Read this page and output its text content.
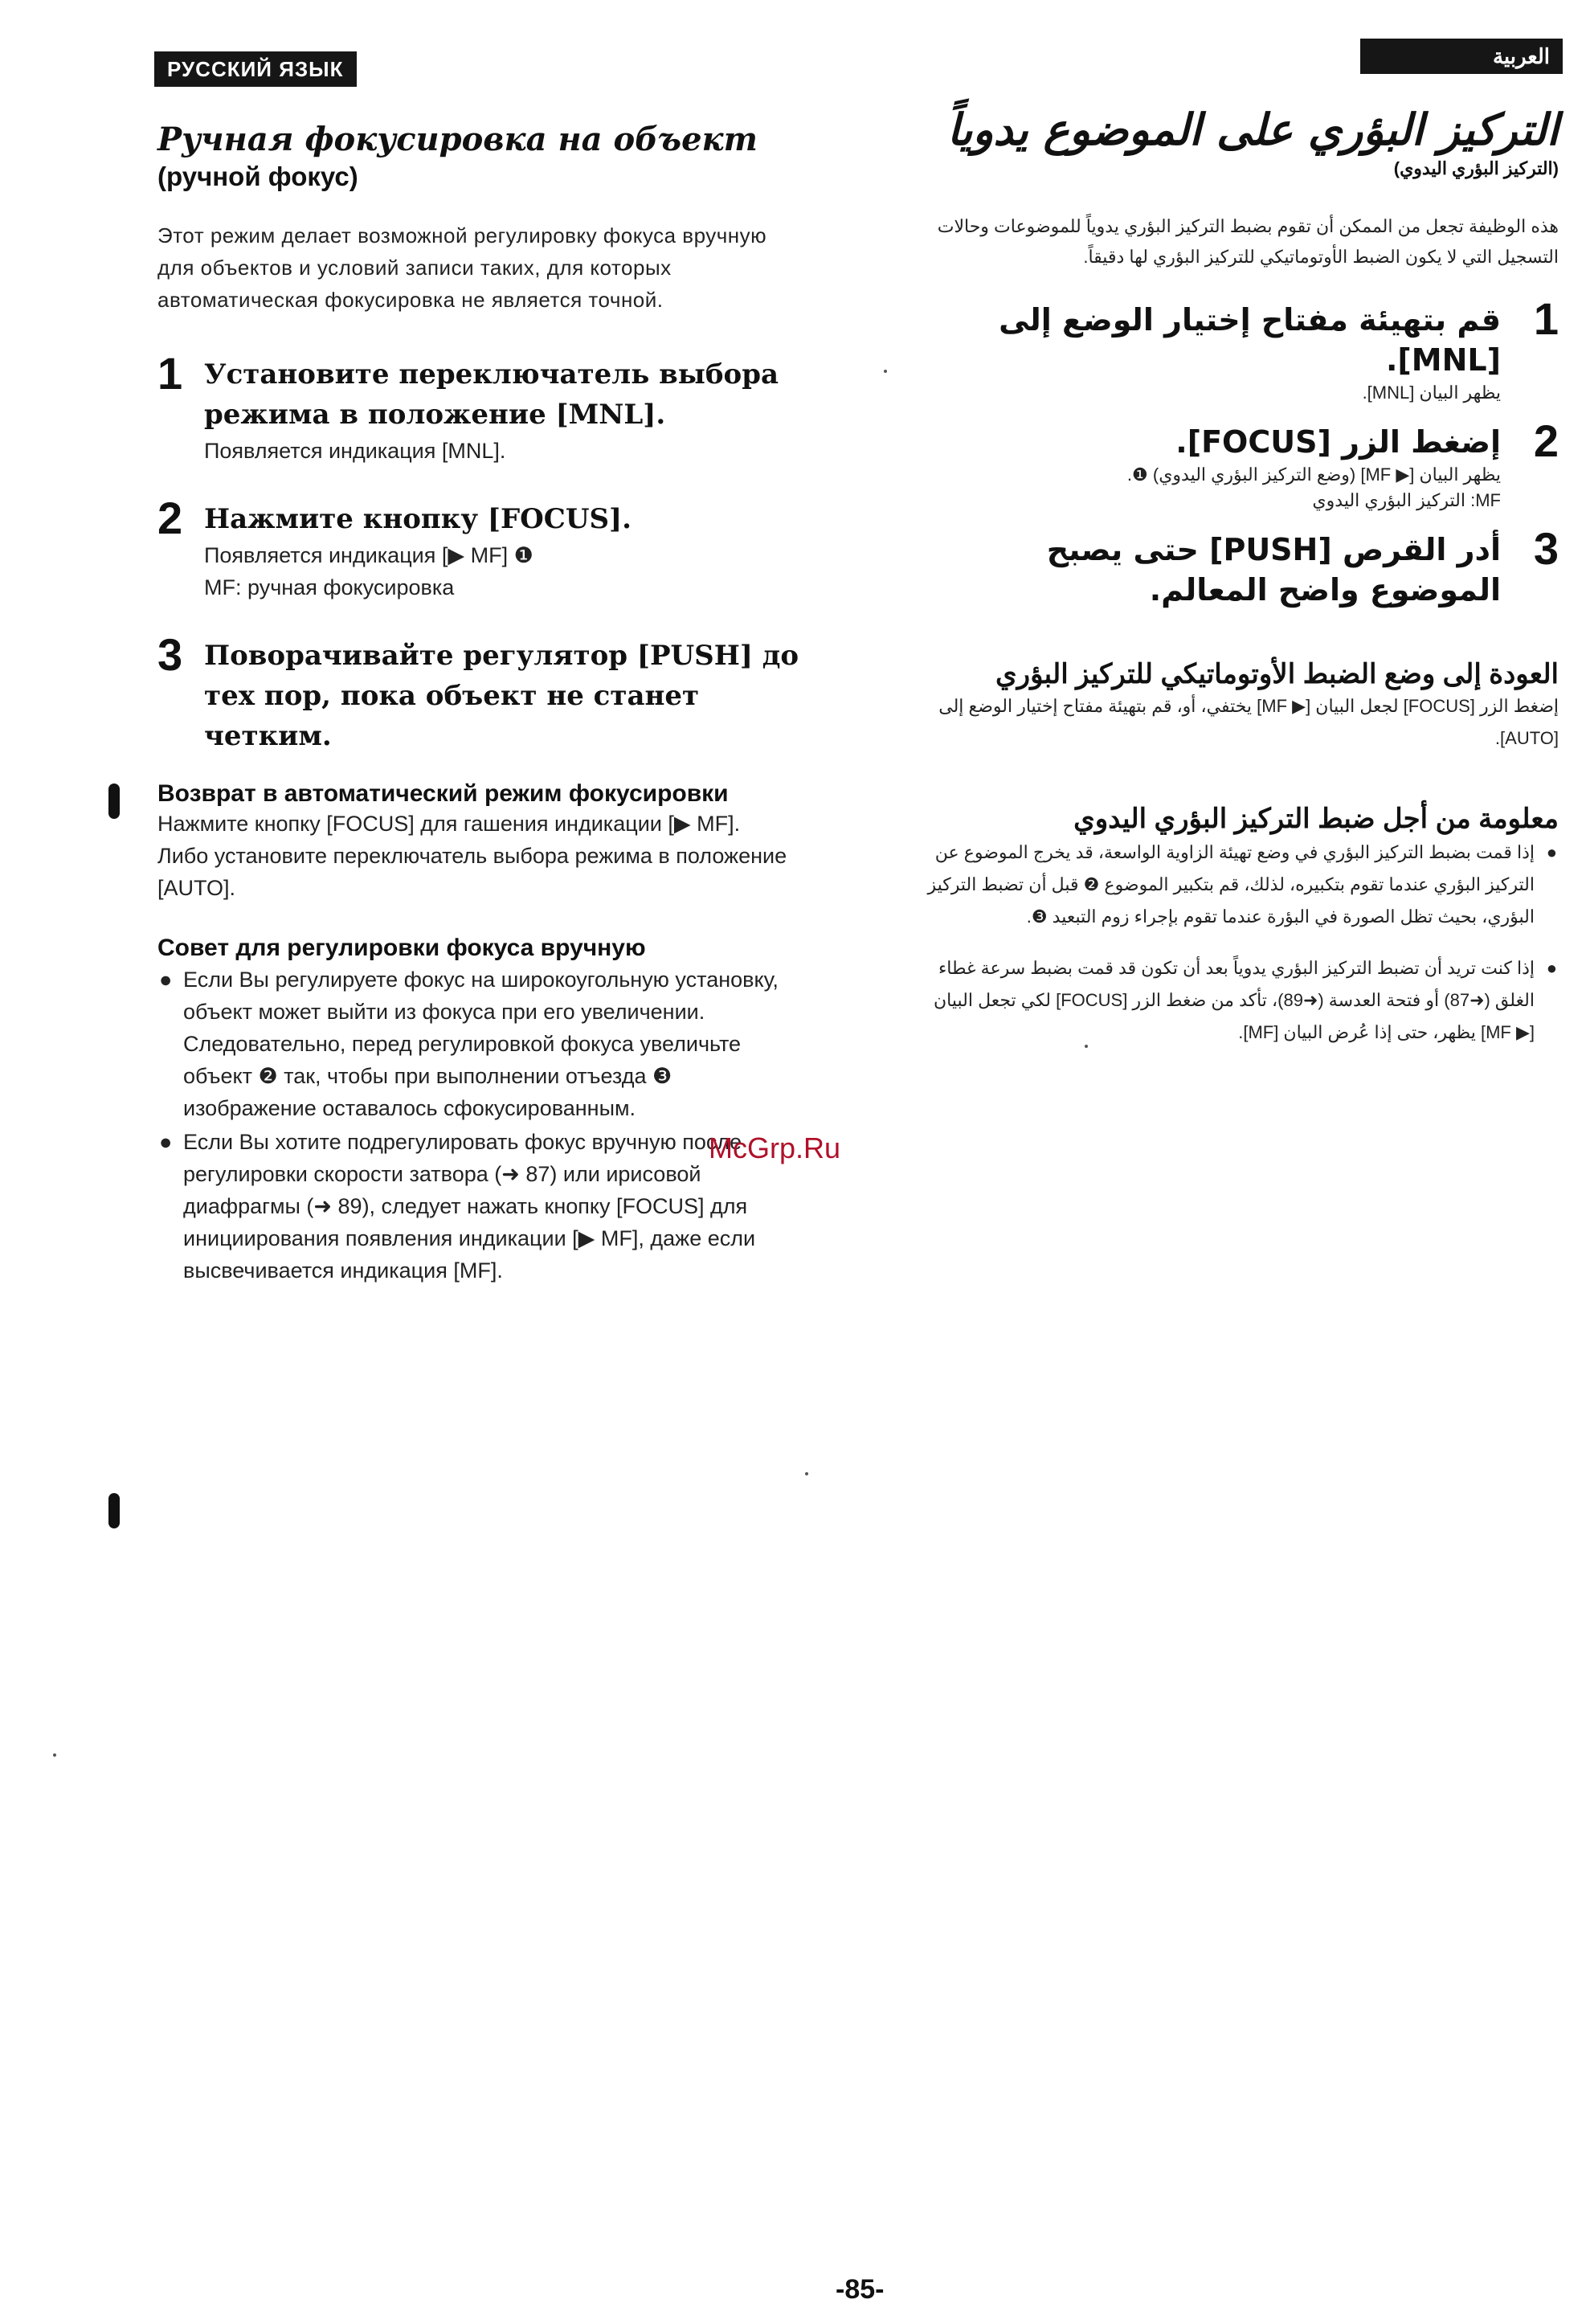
РУССКИЙ ЯЗЫК
العربية
Ручная фокусировка на объект
(ручной фокус)
Этот режим делает возможной регулировку фокуса вручную для объектов и условий записи таких, для которых автоматическая фокусировка не является точной.
1 Установите переключатель выбора режима в положение [MNL].
Появляется индикация [MNL].
2 Нажмите кнопку [FOCUS].
Появляется индикация [▶ MF] ❶
MF: ручная фокусировка
3 Поворачивайте регулятор [PUSH] до тех пор, пока объект не станет четким.
Возврат в автоматический режим фокусировки
Нажмите кнопку [FOCUS] для гашения индикации [▶ MF]. Либо установите переключатель выбора режима в положение [AUTO].
Совет для регулировки фокуса вручную
● Если Вы регулируете фокус на широкоугольную установку, объект может выйти из фокуса при его увеличении. Следовательно, перед регулировкой фокуса увеличьте объект ❷ так, чтобы при выполнении отъезда ❸ изображение оставалось сфокусированным.
● Если Вы хотите подрегулировать фокус вручную после регулировки скорости затвора (➜ 87) или ирисовой диафрагмы (➜ 89), следует нажать кнопку [FOCUS] для инициирования появления индикации [▶ MF], даже если высвечивается индикация [MF].
التركيز البؤري على الموضوع يدوياً
(التركيز البؤري اليدوي)
هذه الوظيفة تجعل من الممكن أن تقوم بضبط التركيز البؤري يدوياً للموضوعات وحالات التسجيل التي لا يكون الضبط الأوتوماتيكي للتركيز البؤري لها دقيقاً.
1
قم بتهيئة مفتاح إختيار الوضع إلى [MNL].
يظهر البيان [MNL].
2
إضغط الزر [FOCUS].
يظهر البيان [▶ MF] (وضع التركيز البؤري اليدوي) ❶.
MF: التركيز البؤري اليدوي
3
أدر القرص [PUSH] حتى يصبح الموضوع واضح المعالم.
العودة إلى وضع الضبط الأوتوماتيكي للتركيز البؤري
إضغط الزر [FOCUS] لجعل البيان [▶ MF] يختفي، أو، قم بتهيئة مفتاح إختيار الوضع إلى [AUTO].
معلومة من أجل ضبط التركيز البؤري اليدوي
●
إذا قمت بضبط التركيز البؤري في وضع تهيئة الزاوية الواسعة، قد يخرج الموضوع عن التركيز البؤري عندما تقوم بتكبيره، لذلك، قم بتكبير الموضوع ❷ قبل أن تضبط التركيز البؤري، بحيث تظل الصورة في البؤرة عندما تقوم بإجراء زوم التبعيد ❸.
●
إذا كنت تريد أن تضبط التركيز البؤري يدوياً بعد أن تكون قد قمت بضبط سرعة غطاء الغلق (➜87) أو فتحة العدسة (➜89)، تأكد من ضغط الزر [FOCUS] لكي تجعل البيان [▶ MF] يظهر، حتى إذا عُرض البيان [MF].
McGrp.Ru
-85-
